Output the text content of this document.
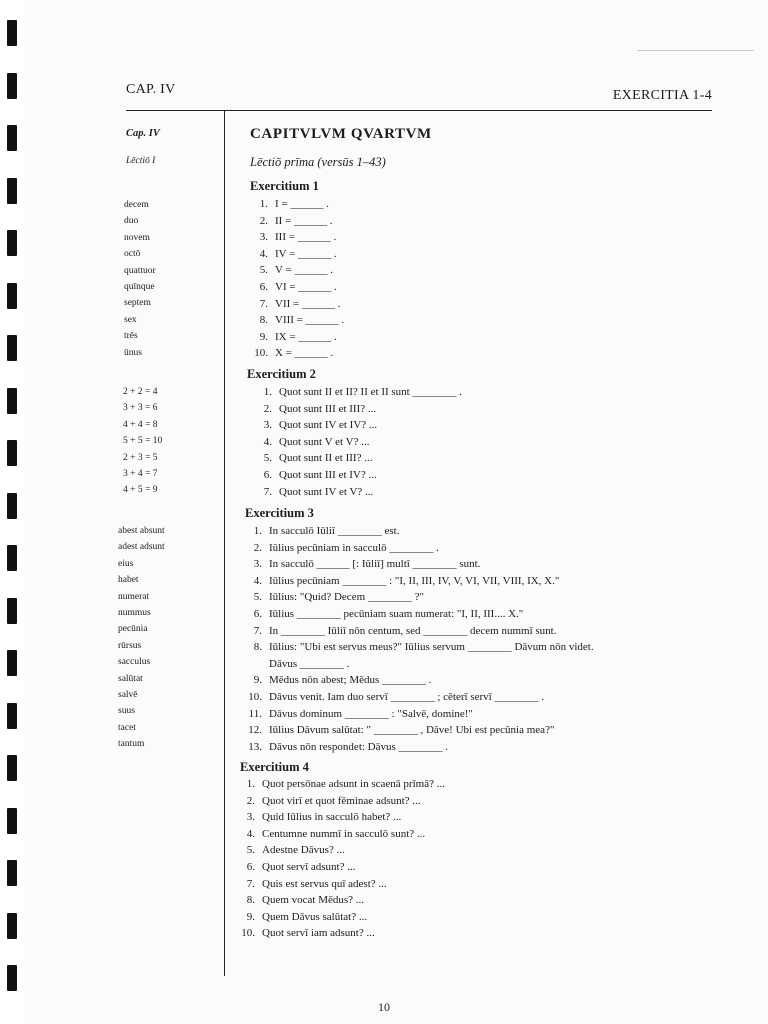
CAP. IV	EXERCITIA 1-4
Cap. IV
Lēctiō I
decem
duo
novem
octō
quattuor
quīnque
septem
sex
trēs
ūnus
2 + 2 = 4
3 + 3 = 6
4 + 4 = 8
5 + 5 = 10
2 + 3 = 5
3 + 4 = 7
4 + 5 = 9
abest absunt
adest adsunt
eius
habet
numerat
nummus
pecūnia
rūrsus
sacculus
salūtat
salvē
suus
tacet
tantum
CAPITVLVM QVARTVM
Lēctiō prīma (versūs 1–43)
Exercitium 1
1. I = ______ .
2. II = ______ .
3. III = ______ .
4. IV = ______ .
5. V = ______ .
6. VI = ______ .
7. VII = ______ .
8. VIII = ______ .
9. IX = ______ .
10. X = ______ .
Exercitium 2
1. Quot sunt II et II? II et II sunt ________ .
2. Quot sunt III et III? ...
3. Quot sunt IV et IV? ...
4. Quot sunt V et V? ...
5. Quot sunt II et III? ...
6. Quot sunt III et IV? ...
7. Quot sunt IV et V? ...
Exercitium 3
1. In sacculō Iūliī ________ est.
2. Iūlius pecūniam in sacculō ________ .
3. In sacculō ______ [: Iūliī] multī ________ sunt.
4. Iūlius pecūniam ________ : "I, II, III, IV, V, VI, VII, VIII, IX, X."
5. Iūlius: "Quid? Decem ________ ?"
6. Iūlius ________ pecūniam suam numerat: "I, II, III.... X."
7. In ________ Iūliī nōn centum, sed ________ decem nummī sunt.
8. Iūlius: "Ubi est servus meus?" Iūlius servum ________ Dāvum nōn videt.
Dāvus ________ .
9. Mēdus nōn abest; Mēdus ________ .
10. Dāvus venit. Iam duo servī ________ ; cēterī servī ________ .
11. Dāvus dominum ________ : "Salvē, domine!"
12. Iūlius Dāvum salūtat: " ________ , Dāve! Ubi est pecūnia mea?"
13. Dāvus nōn respondet: Dāvus ________ .
Exercitium 4
1. Quot persōnae adsunt in scaenā prīmā? ...
2. Quot virī et quot fēminae adsunt? ...
3. Quid Iūlius in sacculō habet? ...
4. Centumne nummī in sacculō sunt? ...
5. Adestne Dāvus? ...
6. Quot servī adsunt? ...
7. Quis est servus quī adest? ...
8. Quem vocat Mēdus? ...
9. Quem Dāvus salūtat? ...
10. Quot servī iam adsunt? ...
10
